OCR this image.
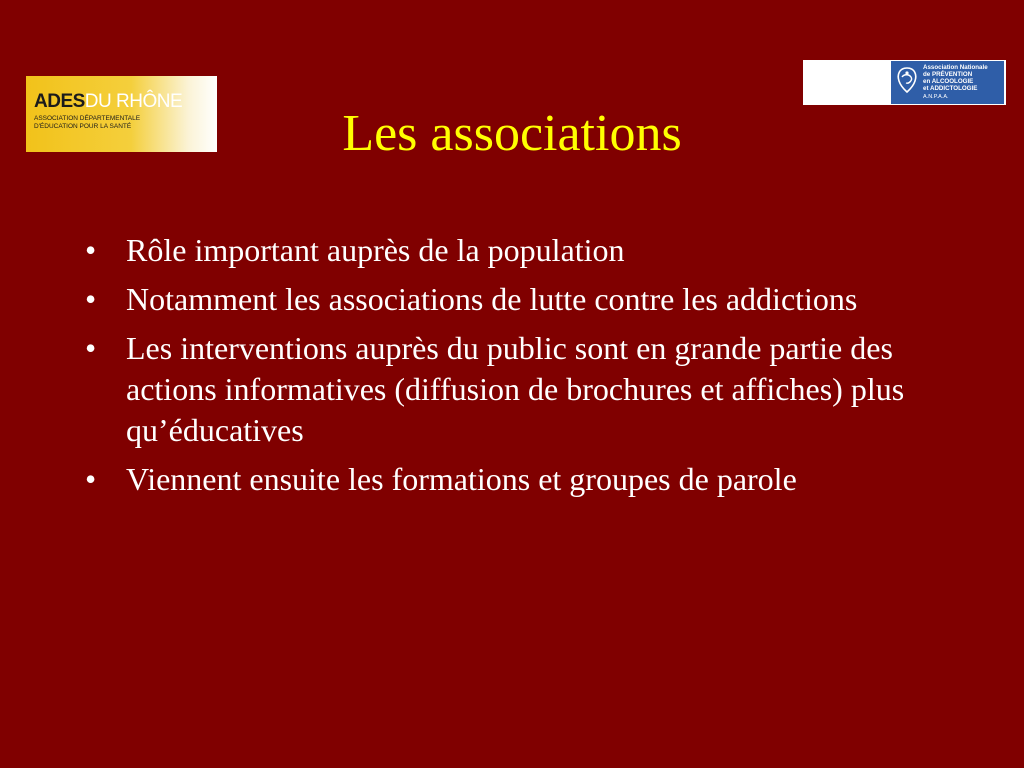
ADESDU RHÔNE
ASSOCIATION DÉPARTEMENTALE D'ÉDUCATION POUR LA SANTÉ
Association Nationale
de PRÉVENTION
en ALCOOLOGIE
et ADDICTOLOGIE
A.N.P.A.A.
Les associations
• Rôle important auprès de la population
• Notamment les associations de lutte contre les addictions
• Les interventions auprès du public sont en grande partie des actions informatives (diffusion de brochures et affiches) plus qu’éducatives
• Viennent ensuite les formations et groupes de parole
